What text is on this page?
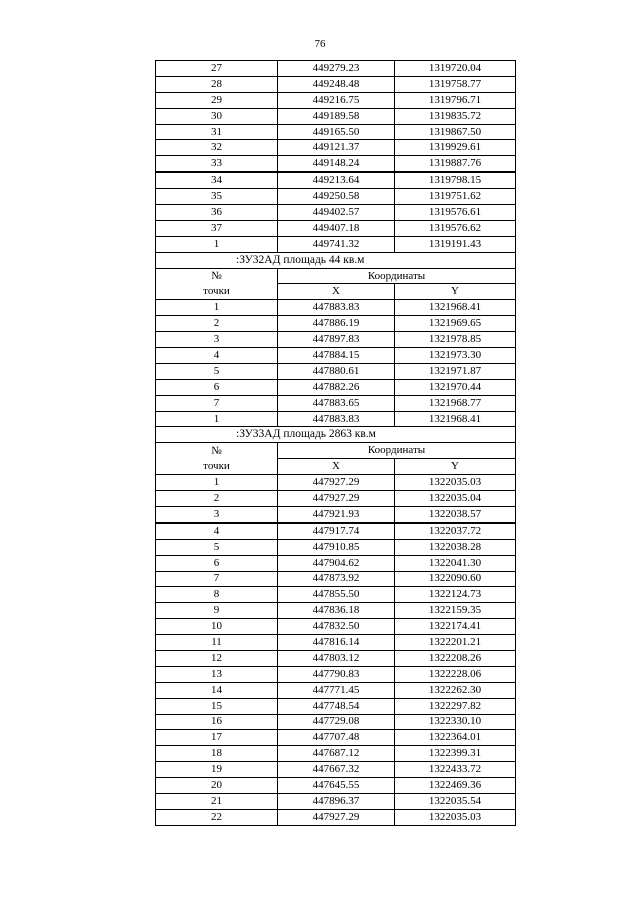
76
27	449279.23	1319720.04
28	449248.48	1319758.77
29	449216.75	1319796.71
30	449189.58	1319835.72
31	449165.50	1319867.50
32	449121.37	1319929.61
33	449148.24	1319887.76
34	449213.64	1319798.15
35	449250.58	1319751.62
36	449402.57	1319576.61
37	449407.18	1319576.62
1	449741.32	1319191.43
:ЗУ32АД площадь 44 кв.м		
№	Координаты	
точки	X	Y
1	447883.83	1321968.41
2	447886.19	1321969.65
3	447897.83	1321978.85
4	447884.15	1321973.30
5	447880.61	1321971.87
6	447882.26	1321970.44
7	447883.65	1321968.77
1	447883.83	1321968.41
:ЗУ33АД площадь 2863 кв.м		
№	Координаты	
точки	X	Y
1	447927.29	1322035.03
2	447927.29	1322035.04
3	447921.93	1322038.57
4	447917.74	1322037.72
5	447910.85	1322038.28
6	447904.62	1322041.30
7	447873.92	1322090.60
8	447855.50	1322124.73
9	447836.18	1322159.35
10	447832.50	1322174.41
11	447816.14	1322201.21
12	447803.12	1322208.26
13	447790.83	1322228.06
14	447771.45	1322262.30
15	447748.54	1322297.82
16	447729.08	1322330.10
17	447707.48	1322364.01
18	447687.12	1322399.31
19	447667.32	1322433.72
20	447645.55	1322469.36
21	447896.37	1322035.54
22	447927.29	1322035.03
